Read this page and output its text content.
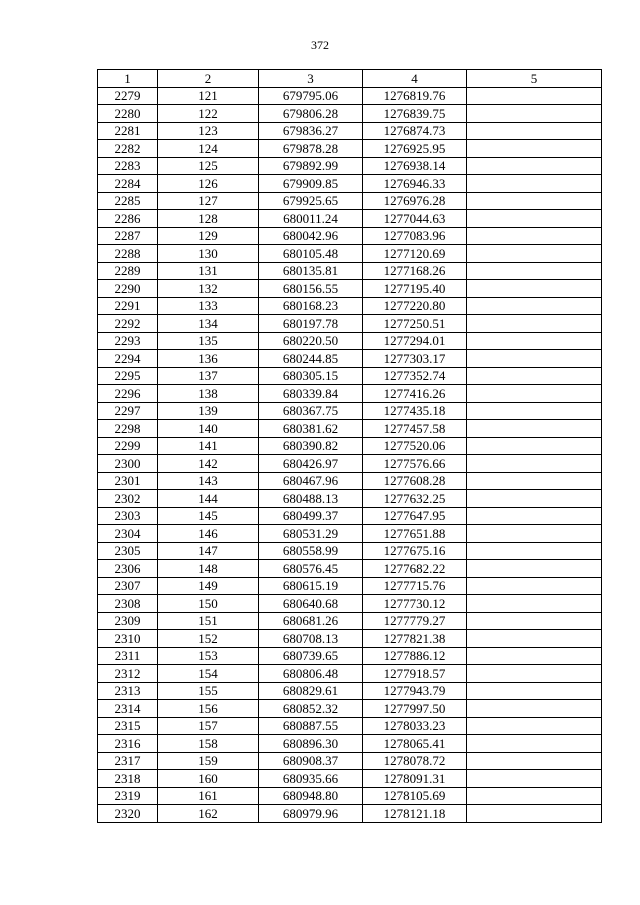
372
1	2	3	4	5
2279	121	679795.06	1276819.76	
2280	122	679806.28	1276839.75	
2281	123	679836.27	1276874.73	
2282	124	679878.28	1276925.95	
2283	125	679892.99	1276938.14	
2284	126	679909.85	1276946.33	
2285	127	679925.65	1276976.28	
2286	128	680011.24	1277044.63	
2287	129	680042.96	1277083.96	
2288	130	680105.48	1277120.69	
2289	131	680135.81	1277168.26	
2290	132	680156.55	1277195.40	
2291	133	680168.23	1277220.80	
2292	134	680197.78	1277250.51	
2293	135	680220.50	1277294.01	
2294	136	680244.85	1277303.17	
2295	137	680305.15	1277352.74	
2296	138	680339.84	1277416.26	
2297	139	680367.75	1277435.18	
2298	140	680381.62	1277457.58	
2299	141	680390.82	1277520.06	
2300	142	680426.97	1277576.66	
2301	143	680467.96	1277608.28	
2302	144	680488.13	1277632.25	
2303	145	680499.37	1277647.95	
2304	146	680531.29	1277651.88	
2305	147	680558.99	1277675.16	
2306	148	680576.45	1277682.22	
2307	149	680615.19	1277715.76	
2308	150	680640.68	1277730.12	
2309	151	680681.26	1277779.27	
2310	152	680708.13	1277821.38	
2311	153	680739.65	1277886.12	
2312	154	680806.48	1277918.57	
2313	155	680829.61	1277943.79	
2314	156	680852.32	1277997.50	
2315	157	680887.55	1278033.23	
2316	158	680896.30	1278065.41	
2317	159	680908.37	1278078.72	
2318	160	680935.66	1278091.31	
2319	161	680948.80	1278105.69	
2320	162	680979.96	1278121.18	
